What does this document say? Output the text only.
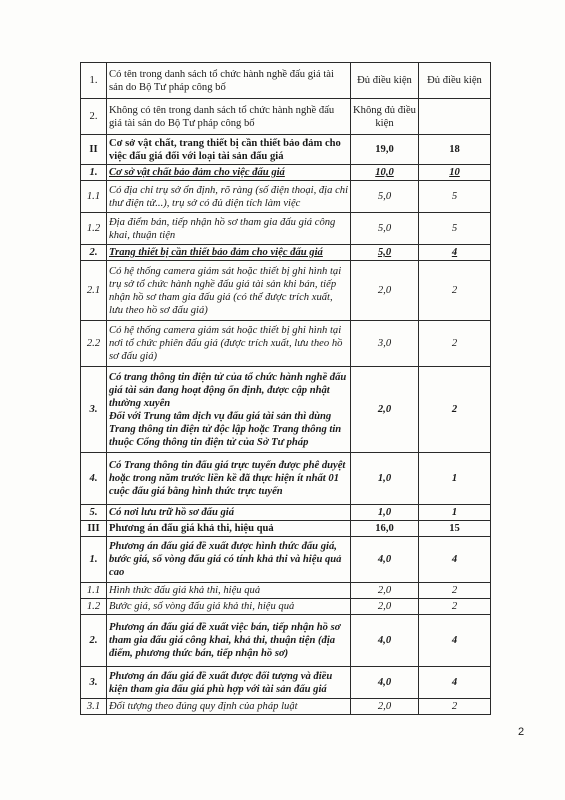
1.	Có tên trong danh sách tổ chức hành nghề đấu giá tài sản do Bộ Tư pháp công bố	Đủ điều kiện	Đủ điều kiện
2.	Không có tên trong danh sách tổ chức hành nghề đấu giá tài sản do Bộ Tư pháp công bố	Không đủ điều kiện	
II	Cơ sở vật chất, trang thiết bị cần thiết bảo đảm cho việc đấu giá đối với loại tài sản đấu giá	19,0	18
1.	Cơ sở vật chất bảo đảm cho việc đấu giá	10,0	10
1.1	Có địa chỉ trụ sở ổn định, rõ ràng (số điện thoại, địa chỉ thư điện tử...), trụ sở có đủ diện tích làm việc	5,0	5
1.2	Địa điểm bán, tiếp nhận hồ sơ tham gia đấu giá công khai, thuận tiện	5,0	5
2.	Trang thiết bị cần thiết bảo đảm cho việc đấu giá	5,0	4
2.1	Có hệ thống camera giám sát hoặc thiết bị ghi hình tại trụ sở tổ chức hành nghề đấu giá tài sản khi bán, tiếp nhận hồ sơ tham gia đấu giá (có thể được trích xuất, lưu theo hồ sơ đấu giá)	2,0	2
2.2	Có hệ thống camera giám sát hoặc thiết bị ghi hình tại nơi tổ chức phiên đấu giá (được trích xuất, lưu theo hồ sơ đấu giá)	3,0	2
3.	Có trang thông tin điện tử của tổ chức hành nghề đấu giá tài sản đang hoạt động ổn định, được cập nhật thường xuyên
Đối với Trung tâm dịch vụ đấu giá tài sản thì dùng Trang thông tin điện tử độc lập hoặc Trang thông tin thuộc Cổng thông tin điện tử của Sở Tư pháp	2,0	2
4.	Có Trang thông tin đấu giá trực tuyến được phê duyệt hoặc trong năm trước liền kề đã thực hiện ít nhất 01 cuộc đấu giá bằng hình thức trực tuyến	1,0	1
5.	Có nơi lưu trữ hồ sơ đấu giá	1,0	1
III	Phương án đấu giá khả thi, hiệu quả	16,0	15
1.	Phương án đấu giá đề xuất được hình thức đấu giá, bước giá, số vòng đấu giá có tính khả thi và hiệu quả cao	4,0	4
1.1	Hình thức đấu giá khả thi, hiệu quả	2,0	2
1.2	Bước giá, số vòng đấu giá khả thi, hiệu quả	2,0	2
2.	Phương án đấu giá đề xuất việc bán, tiếp nhận hồ sơ tham gia đấu giá công khai, khả thi, thuận tiện (địa điểm, phương thức bán, tiếp nhận hồ sơ)	4,0	4
3.	Phương án đấu giá đề xuất được đối tượng và điều kiện tham gia đấu giá phù hợp với tài sản đấu giá	4,0	4
3.1	Đối tượng theo đúng quy định của pháp luật	2,0	2
2
